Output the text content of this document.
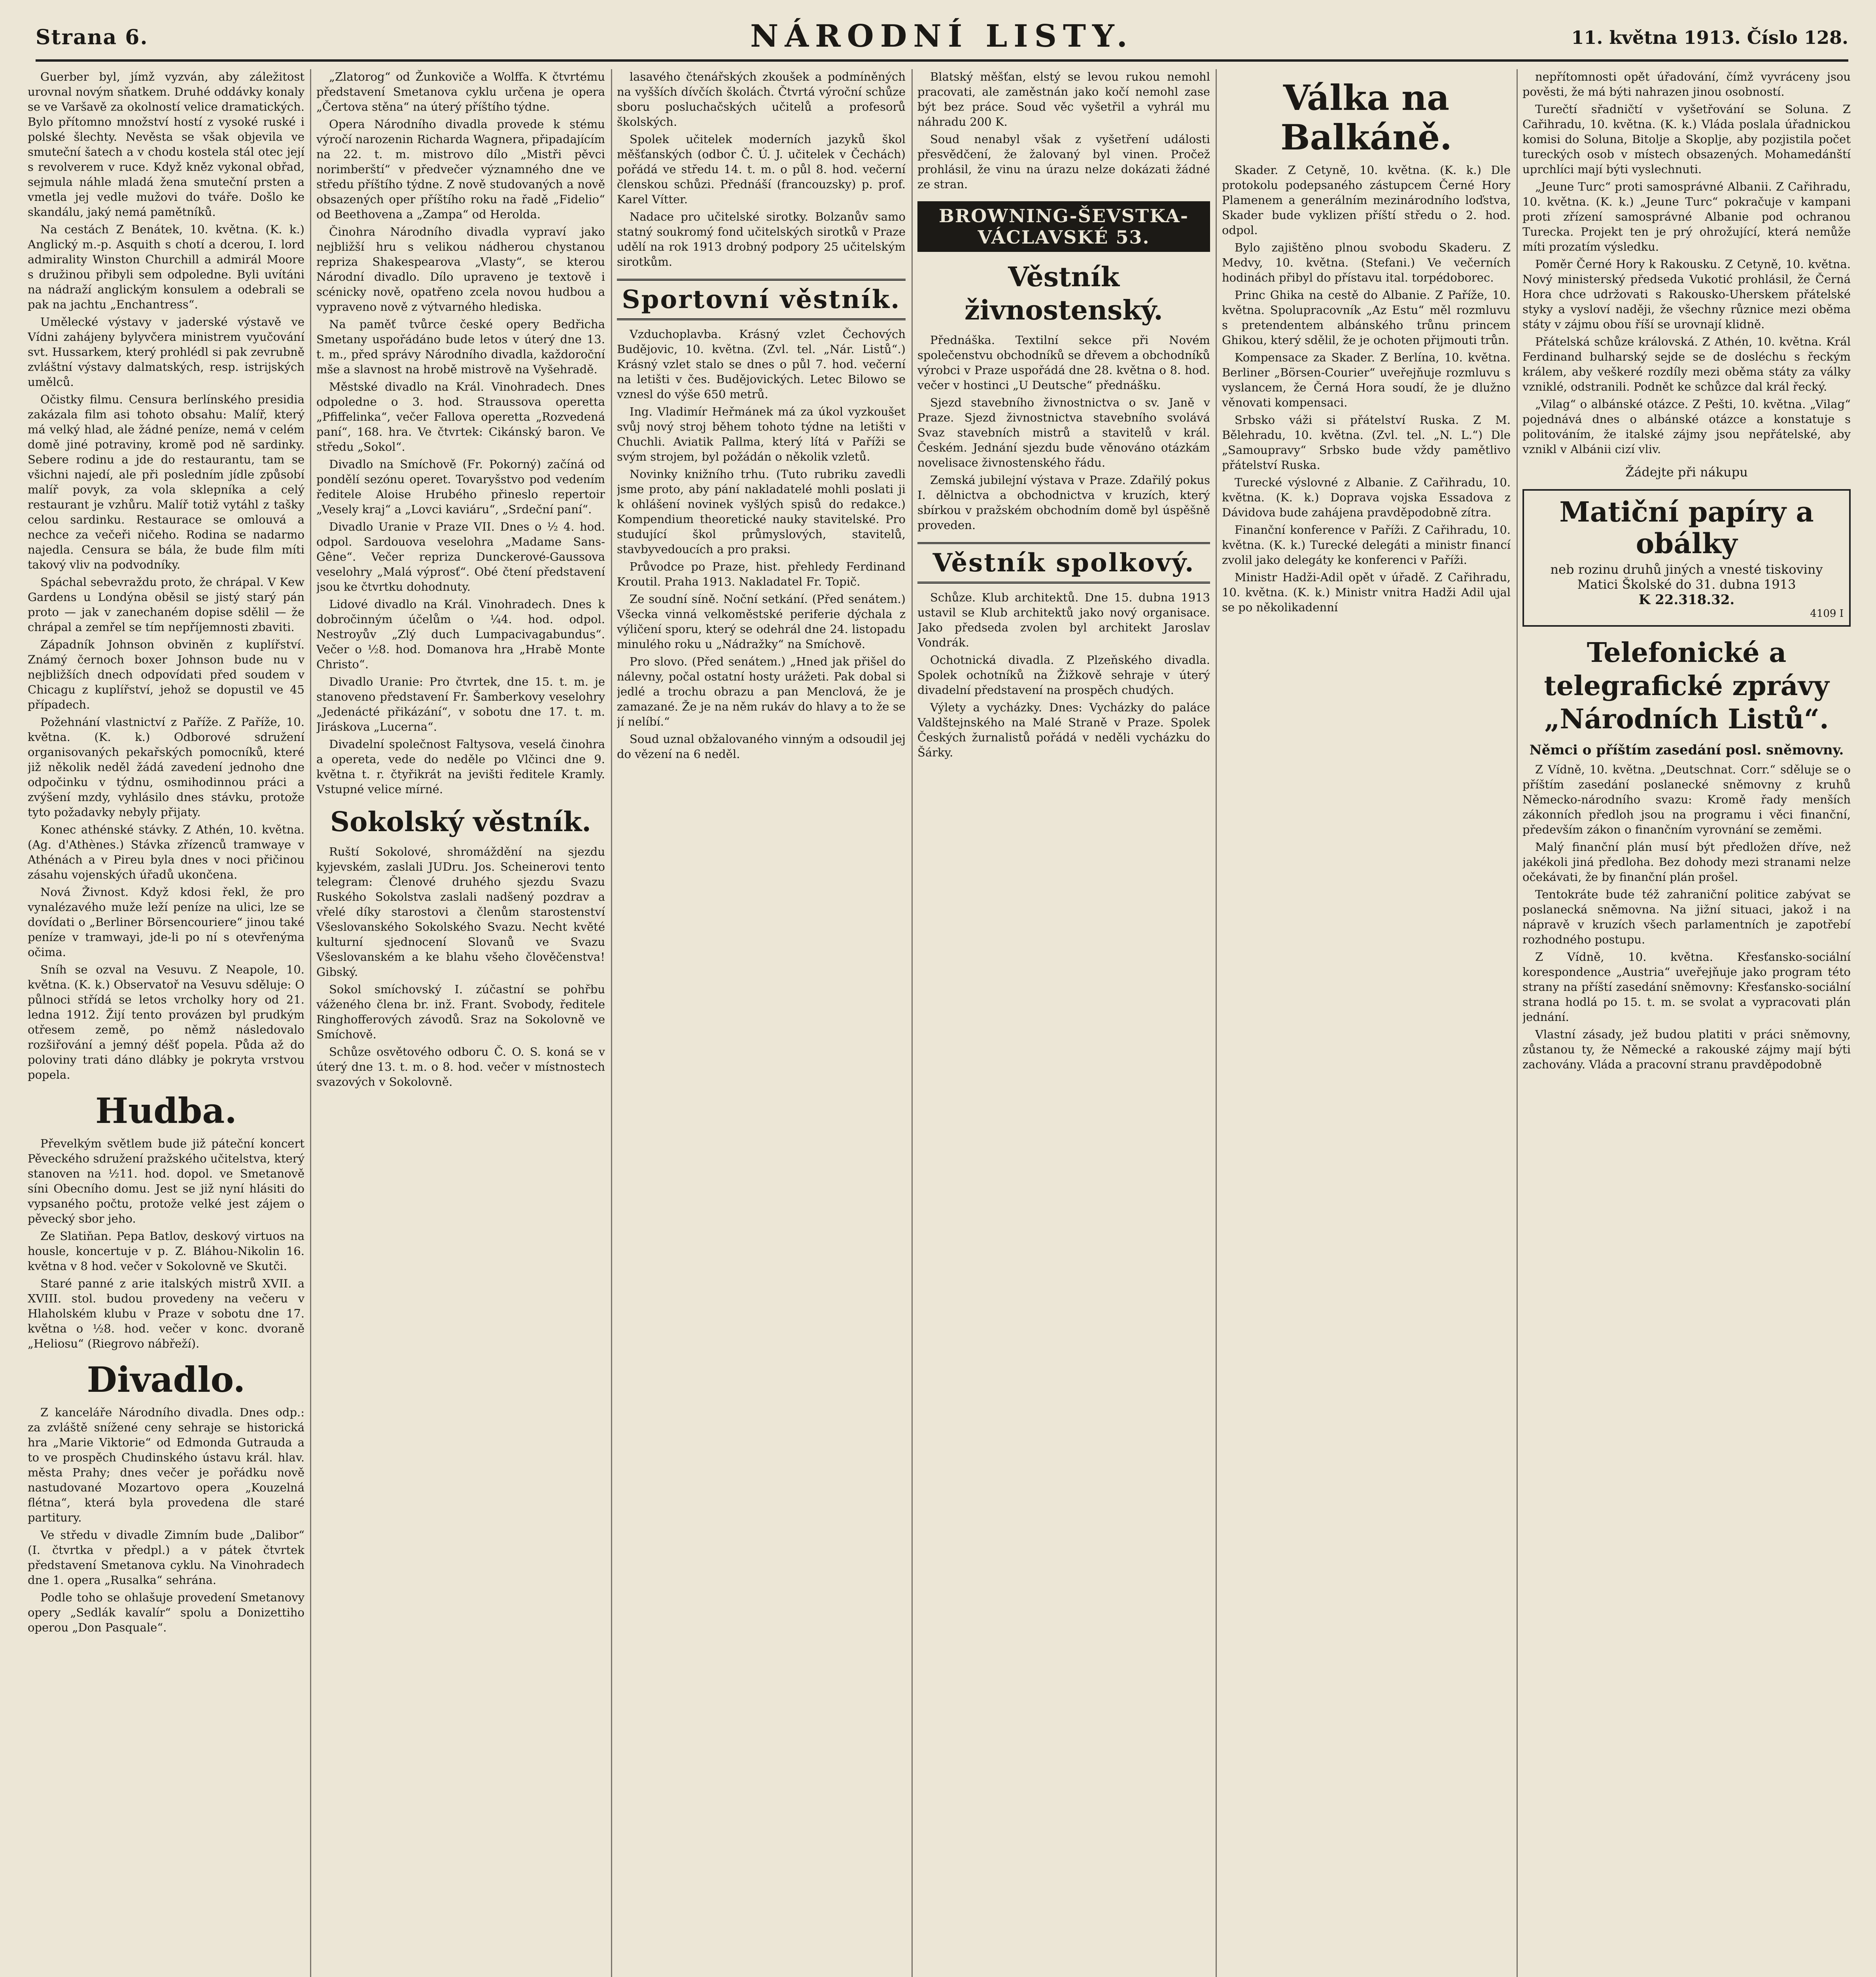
Strana 6.	NÁRODNÍ LISTY.	11. května 1913. Číslo 128.

Guerber byl, jímž vyzván, aby záležitost urovnal novým sňatkem. Druhé oddávky konaly se ve Varšavě za okolností velice dramatických. Bylo přítomno množství hostí z vysoké ruské i polské šlechty. Nevěsta se však objevila ve smuteční šatech a v chodu kostela stál otec její s revolverem v ruce. Když kněz vykonal obřad, sejmula náhle mladá žena smuteční prsten a vmetla jej vedle mužovi do tváře. Došlo ke skandálu, jaký nemá pamětníků.

Na cestách Z Benátek, 10. května. (K. k.) Anglický m.-p. Asquith s chotí a dcerou, I. lord admirality Winston Churchill a admirál Moore s družinou přibyli sem odpoledne. Byli uvítáni na nádraží anglickým konsulem a odebrali se pak na jachtu „Enchantress“.

Umělecké výstavy v jaderské výstavě ve Vídni zahájeny bylyvčera ministrem vyučování svt. Hussarkem, který prohlédl si pak zevrubně zvláštní výstavy dalmatských, resp. istrijských umělců.

Očistky filmu. Censura berlínského presidia zakázala film asi tohoto obsahu: Malíř, který má velký hlad, ale žádné peníze, nemá v celém domě jiné potraviny, kromě pod ně sardinky. Sebere rodinu a jde do restaurantu, tam se všichni najedí, ale při posledním jídle způsobí malíř povyk, za vola sklepníka a celý restaurant je vzhůru. Malíř totiž vytáhl z tašky celou sardinku. Restaurace se omlouvá a nechce za večeři ničeho. Rodina se nadarmo najedla. Censura se bála, že bude film míti takový vliv na podvodníky.

Spáchal sebevraždu proto, že chrápal. V Kew Gardens u Londýna oběsil se jistý starý pán proto — jak v zanechaném dopise sdělil — že chrápal a zemřel se tím nepříjemnosti zbaviti.

Západník Johnson obviněn z kuplířství. Známý černoch boxer Johnson bude nu v nejbližších dnech odpovídati před soudem v Chicagu z kuplířství, jehož se dopustil ve 45 případech.

Požehnání vlastnictví z Paříže. Z Paříže, 10. května. (K. k.) Odborové sdružení organisovaných pekařských pomocníků, které již několik neděl žádá zavedení jednoho dne odpočinku v týdnu, osmihodinnou práci a zvýšení mzdy, vyhlásilo dnes stávku, protože tyto požadavky nebyly přijaty.

Konec athénské stávky. Z Athén, 10. května. (Ag. d'Athènes.) Stávka zřízenců tramwaye v Athénách a v Pireu byla dnes v noci přičinou zásahu vojenských úřadů ukončena.

Nová Živnost. Když kdosi řekl, že pro vynalézavého muže leží peníze na ulici, lze se dovídati o „Berliner Börsencouriere“ jinou také peníze v tramwayi, jde-li po ní s otevřenýma očima.

Sníh se ozval na Vesuvu. Z Neapole, 10. května. (K. k.) Observatoř na Vesuvu sděluje: O půlnoci střídá se letos vrcholky hory od 21. ledna 1912. Žijí tento provázen byl prudkým otřesem země, po němž následovalo rozšiřování a jemný déšť popela. Půda až do poloviny trati dáno dlábky je pokryta vrstvou popela.

Hudba.

Převelkým světlem bude již páteční koncert Pěveckého sdružení pražského učitelstva, který stanoven na ½11. hod. dopol. ve Smetanově síni Obecního domu. Jest se již nyní hlásiti do vypsaného počtu, protože velké jest zájem o pěvecký sbor jeho.

Ze Slatiňan. Pepa Batlov, deskový virtuos na housle, koncertuje v p. Z. Bláhou-Nikolin 16. května v 8 hod. večer v Sokolovně ve Skutči.

Staré panné z arie italských mistrů XVII. a XVIII. stol. budou provedeny na večeru v Hlaholském klubu v Praze v sobotu dne 17. května o ½8. hod. večer v konc. dvoraně „Heliosu“ (Riegrovo nábřeží).

Divadlo.

Z kanceláře Národního divadla. Dnes odp.: za zvláště snížené ceny sehraje se historická hra „Marie Viktorie“ od Edmonda Gutrauda a to ve prospěch Chudinského ústavu král. hlav. města Prahy; dnes večer je pořádku nově nastudované Mozartovo opera „Kouzelná flétna“, která byla provedena dle staré partitury.

Ve středu v divadle Zimním bude „Dalibor“ (I. čtvrtka v předpl.) a v pátek čtvrtek představení Smetanova cyklu. Na Vinohradech dne 1. opera „Rusalka“ sehrána.

Podle toho se ohlašuje provedení Smetanovy opery „Sedlák kavalír“ spolu a Donizettiho operou „Don Pasquale“.

„Zlatorog“ od Žunkoviče a Wolffa. K čtvrtému představení Smetanova cyklu určena je opera „Čertova stěna“ na úterý příštího týdne.

Opera Národního divadla provede k stému výročí narozenin Richarda Wagnera, připadajícím na 22. t. m. mistrovo dílo „Mistři pěvci norimberští“ v předvečer významného dne ve středu příštího týdne. Z nově studovaných a nově obsazených oper příštího roku na řadě „Fidelio“ od Beethovena a „Zampa“ od Herolda.

Činohra Národního divadla vypraví jako nejbližší hru s velikou nádherou chystanou repriza Shakespearova „Vlasty“, se kterou Národní divadlo. Dílo upraveno je textově i scénicky nově, opatřeno zcela novou hudbou a vypraveno nově z výtvarného hlediska.

Na paměť tvůrce české opery Bedřicha Smetany uspořádáno bude letos v úterý dne 13. t. m., před správy Národního divadla, každoroční mše a slavnost na hrobě mistrově na Vyšehradě.

Městské divadlo na Král. Vinohradech. Dnes odpoledne o 3. hod. Straussova operetta „Pfiffelinka“, večer Fallova operetta „Rozvedená paní“, 168. hra. Ve čtvrtek: Cikánský baron. Ve středu „Sokol“.

Divadlo na Smíchově (Fr. Pokorný) začíná od pondělí sezónu operet. Tovaryšstvo pod vedením ředitele Aloise Hrubého přineslo repertoir „Vesely kraj“ a „Lovci kaviáru“, „Srdeční paní“.

Divadlo Uranie v Praze VII. Dnes o ½ 4. hod. odpol. Sardouova veselohra „Madame Sans-Gêne“. Večer repriza Dunckerové-Gaussova veselohry „Malá výprosť“. Obé čtení představení jsou ke čtvrtku dohodnuty.

Lidové divadlo na Král. Vinohradech. Dnes k dobročinným účelům o ¼4. hod. odpol. Nestroyův „Zlý duch Lumpacivagabundus“. Večer o ½8. hod. Domanova hra „Hrabě Monte Christo“.

Divadlo Uranie: Pro čtvrtek, dne 15. t. m. je stanoveno představení Fr. Šamberkovy veselohry „Jedenácté přikázání“, v sobotu dne 17. t. m. Jiráskova „Lucerna“.

Divadelní společnost Faltysova, veselá činohra a opereta, vede do neděle po Vlčinci dne 9. května t. r. čtyřikrát na jevišti ředitele Kramly. Vstupné velice mírné.

Sokolský věstník.

Ruští Sokolové, shromáždění na sjezdu kyjevském, zaslali JUDru. Jos. Scheinerovi tento telegram: Členové druhého sjezdu Svazu Ruského Sokolstva zaslali nadšený pozdrav a vřelé díky starostovi a členům starostenství Všeslovanského Sokolského Svazu. Necht květé kulturní sjednocení Slovanů ve Svazu Všeslovanském a ke blahu všeho člověčenstva! Gibský.

Sokol smíchovský I. zúčastní se pohřbu váženého člena br. inž. Frant. Svobody, ředitele Ringhofferových závodů. Sraz na Sokolovně ve Smíchově.

Schůze osvětového odboru Č. O. S. koná se v úterý dne 13. t. m. o 8. hod. večer v místnostech svazových v Sokolovně.

lasavého čtenářských zkoušek a podmíněných na vyšších dívčích školách. Čtvrtá výroční schůze sboru posluchačských učitelů a profesorů školských.

Spolek učitelek moderních jazyků škol měšťanských (odbor Č. Ú. J. učitelek v Čechách) pořádá ve středu 14. t. m. o půl 8. hod. večerní členskou schůzi. Přednáší (francouzsky) p. prof. Karel Vítter.

Nadace pro učitelské sirotky. Bolzanův samo statný soukromý fond učitelských sirotků v Praze udělí na rok 1913 drobný podpory 25 učitelským sirotkům.

Sportovní věstník.

Vzduchoplavba. Krásný vzlet Čechových Budějovic, 10. května. (Zvl. tel. „Nár. Listů“.) Krásný vzlet stalo se dnes o půl 7. hod. večerní na letišti v čes. Budějovických. Letec Bilowo se vznesl do výše 650 metrů.

Ing. Vladimír Heřmánek má za úkol vyzkoušet svůj nový stroj během tohoto týdne na letišti v Chuchli. Aviatik Pallma, který lítá v Paříži se svým strojem, byl požádán o několik vzletů.

Novinky knižního trhu. (Tuto rubriku zavedli jsme proto, aby pání nakladatelé mohli poslati ji k ohlášení novinek vyšlých spisů do redakce.) Kompendium theoretické nauky stavitelské. Pro studující škol průmyslových, stavitelů, stavbyvedoucích a pro praksi.

Průvodce po Praze, hist. přehledy Ferdinand Kroutil. Praha 1913. Nakladatel Fr. Topič.

Ze soudní síně. Noční setkání. (Před senátem.) Všecka vinná velkoměstské periferie dýchala z výličení sporu, který se odehrál dne 24. listopadu minulého roku u „Nádražky“ na Smíchově.

Pro slovo. (Před senátem.) „Hned jak přišel do nálevny, počal ostatní hosty urážeti. Pak dobal si jedlé a trochu obrazu a pan Menclová, že je zamazané. Že je na něm rukáv do hlavy a to že se jí nelíbí.“

Soud uznal obžalovaného vinným a odsoudil jej do vězení na 6 neděl.

Blatský měšťan, elstý se levou rukou nemohl pracovati, ale zaměstnán jako kočí nemohl zase být bez práce. Soud věc vyšetřil a vyhrál mu náhradu 200 K.

Soud nenabyl však z vyšetření události přesvědčení, že žalovaný byl vinen. Pročež prohlásil, že vinu na úrazu nelze dokázati žádné ze stran.

BROWNING-ŠEVSTKA-VÁCLAVSKÉ 53.
Věstník živnostenský.

Přednáška. Textilní sekce při Novém společenstvu obchodníků se dřevem a obchodníků výrobci v Praze uspořádá dne 28. května o 8. hod. večer v hostinci „U Deutsche“ přednášku.

Sjezd stavebního živnostnictva o sv. Janě v Praze. Sjezd živnostnictva stavebního svolává Svaz stavebních mistrů a stavitelů v král. Českém. Jednání sjezdu bude věnováno otázkám novelisace živnostenského řádu.

Zemská jubilejní výstava v Praze. Zdařilý pokus I. dělnictva a obchodnictva v kruzích, který sbírkou v pražském obchodním domě byl úspěšně proveden.

Věstník spolkový.

Schůze. Klub architektů. Dne 15. dubna 1913 ustavil se Klub architektů jako nový organisace. Jako předseda zvolen byl architekt Jaroslav Vondrák.

Ochotnická divadla. Z Plzeňského divadla. Spolek ochotníků na Žižkově sehraje v úterý divadelní představení na prospěch chudých.

Výlety a vycházky. Dnes: Vycházky do paláce Valdštejnského na Malé Straně v Praze. Spolek Českých žurnalistů pořádá v neděli vycházku do Šárky.

Válka na Balkáně.

Skader. Z Cetyně, 10. května. (K. k.) Dle protokolu podepsaného zástupcem Černé Hory Plamenem a generálním mezinárodního loďstva, Skader bude vyklizen příští středu o 2. hod. odpol.

Bylo zajištěno plnou svobodu Skaderu. Z Medvy, 10. května. (Stefani.) Ve večerních hodinách přibyl do přístavu ital. torpédoborec.

Princ Ghika na cestě do Albanie. Z Paříže, 10. května. Spolupracovník „Az Estu“ měl rozmluvu s pretendentem albánského trůnu princem Ghikou, který sdělil, že je ochoten přijmouti trůn.

Kompensace za Skader. Z Berlína, 10. května. Berliner „Börsen-Courier“ uveřejňuje rozmluvu s vyslancem, že Černá Hora soudí, že je dlužno věnovati kompensaci.

Srbsko váži si přátelství Ruska. Z M. Bělehradu, 10. května. (Zvl. tel. „N. L.“) Dle „Samoupravy“ Srbsko bude vždy pamětlivo přátelství Ruska.

Turecké výslovné z Albanie. Z Cařihradu, 10. května. (K. k.) Doprava vojska Essadova z Dávidova bude zahájena pravděpodobně zítra.

Finanční konference v Paříži. Z Cařihradu, 10. května. (K. k.) Turecké delegáti a ministr financí zvolil jako delegáty ke konferenci v Paříži.

Ministr Hadži-Adil opět v úřadě. Z Cařihradu, 10. května. (K. k.) Ministr vnitra Hadži Adil ujal se po několikadenní

nepřítomnosti opět úřadování, čímž vyvráceny jsou pověsti, že má býti nahrazen jinou osobností.

Turečtí sřadničtí v vyšetřování se Soluna. Z Cařihradu, 10. května. (K. k.) Vláda poslala úřadnickou komisi do Soluna, Bitolje a Skoplje, aby pozjistila počet tureckých osob v místech obsazených. Mohamedánští uprchlíci mají býti vyslechnuti.

„Jeune Turc“ proti samosprávné Albanii. Z Cařihradu, 10. května. (K. k.) „Jeune Turc“ pokračuje v kampani proti zřízení samosprávné Albanie pod ochranou Turecka. Projekt ten je prý ohrožující, která nemůže míti prozatím výsledku.

Poměr Černé Hory k Rakousku. Z Cetyně, 10. května. Nový ministerský předseda Vukotić prohlásil, že Černá Hora chce udržovati s Rakousko-Uherskem přátelské styky a vysloví naději, že všechny různice mezi oběma státy v zájmu obou říší se urovnají klidně.

Přátelská schůze královská. Z Athén, 10. května. Král Ferdinand bulharský sejde se de dosléchu s řeckým králem, aby veškeré rozdíly mezi oběma státy za války vzniklé, odstranili. Podnět ke schůzce dal král řecký.

„Vilag“ o albánské otázce. Z Pešti, 10. května. „Vilag“ pojednává dnes o albánské otázce a konstatuje s politováním, že italské zájmy jsou nepřátelské, aby vznikl v Albánii cizí vliv.

Žádejte při nákupu
Matiční papíry a obálky
neb rozinu druhů jiných a vnesté tiskoviny Matici Školské do 31. dubna 1913
K 22.318.32.
4109 I
Telefonické a telegrafické zprávy „Národních Listů“.
Němci o příštím zasedání posl. sněmovny.

Z Vídně, 10. května. „Deutschnat. Corr.“ sděluje se o příštím zasedání poslanecké sněmovny z kruhů Německo-národního svazu: Kromě řady menších zákonních předloh jsou na programu i věci finanční, především zákon o finančním vyrovnání se zeměmi.

Malý finanční plán musí být předložen dříve, než jakékoli jiná předloha. Bez dohody mezi stranami nelze očekávati, že by finanční plán prošel.

Tentokráte bude též zahraniční politice zabývat se poslanecká sněmovna. Na jižní situaci, jakož i na nápravě v kruzích všech parlamentních je zapotřebí rozhodného postupu.

Z Vídně, 10. května. Křesťansko-sociální korespondence „Austria“ uveřejňuje jako program této strany na příští zasedání sněmovny: Křesťansko-sociální strana hodlá po 15. t. m. se svolat a vypracovati plán jednání.

Vlastní zásady, jež budou platiti v práci sněmovny, zůstanou ty, že Německé a rakouské zájmy mají býti zachovány. Vláda a pracovní stranu pravděpodobně
